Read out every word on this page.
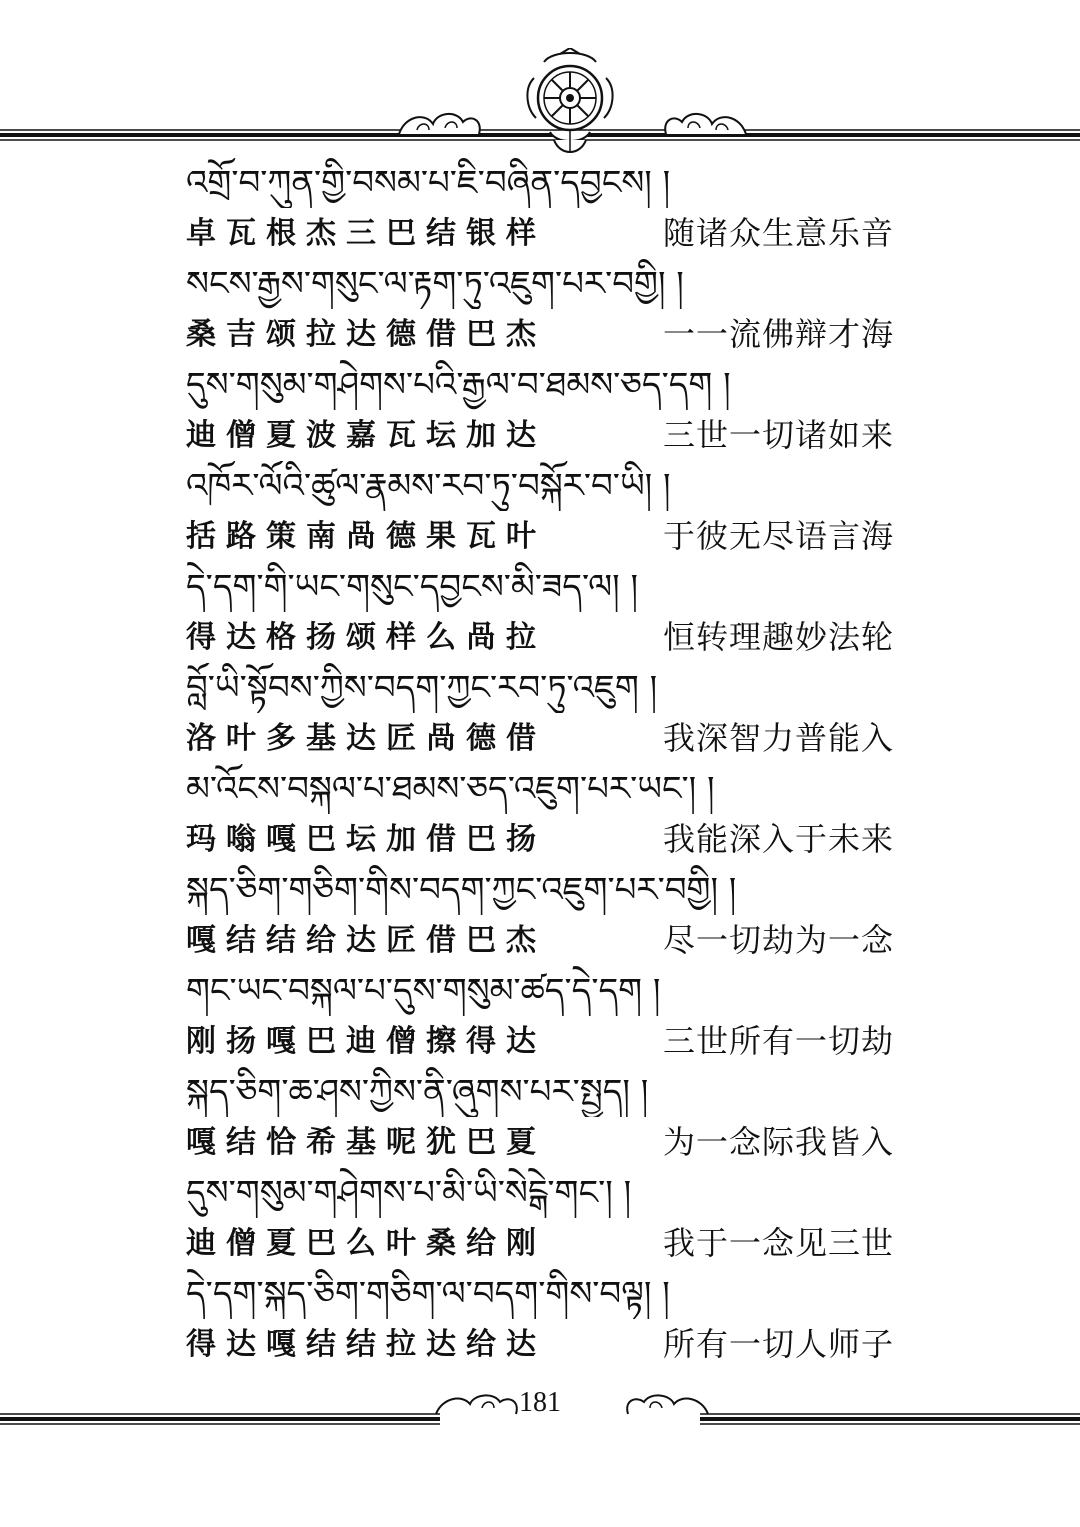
འགྲོ་བ་ཀུན་གྱི་བསམ་པ་ཇི་བཞིན་དབྱངས། །
卓瓦根杰三巴结银样	随诸众生意乐音
སངས་རྒྱས་གསུང་ལ་རྟག་ཏུ་འཇུག་པར་བགྱི། །
桑吉颂拉达德借巴杰	一一流佛辩才海
དུས་གསུམ་གཤེགས་པའི་རྒྱལ་བ་ཐམས་ཅད་དག །
迪僧夏波嘉瓦坛加达	三世一切诸如来
འཁོར་ལོའི་ཚུལ་རྣམས་རབ་ཏུ་བསྐོར་བ་ཡི། །
括路策南咼德果瓦叶	于彼无尽语言海
དེ་དག་གི་ཡང་གསུང་དབྱངས་མི་ཟད་ལ། །
得达格扬颂样么咼拉	恒转理趣妙法轮
བློ་ཡི་སྟོབས་ཀྱིས་བདག་ཀྱང་རབ་ཏུ་འཇུག །
洛叶多基达匠咼德借	我深智力普能入
མ་འོངས་བསྐལ་པ་ཐམས་ཅད་འཇུག་པར་ཡང་། །
玛嗡嘎巴坛加借巴扬	我能深入于未来
སྐད་ཅིག་གཅིག་གིས་བདག་ཀྱང་འཇུག་པར་བགྱི། །
嘎结结给达匠借巴杰	尽一切劫为一念
གང་ཡང་བསྐལ་པ་དུས་གསུམ་ཚད་དེ་དག །
刚扬嘎巴迪僧擦得达	三世所有一切劫
སྐད་ཅིག་ཆ་ཤས་ཀྱིས་ནི་ཞུགས་པར་སྤྱད། །
嘎结恰希基呢犹巴夏	为一念际我皆入
དུས་གསུམ་གཤེགས་པ་མི་ཡི་སེངྒེ་གང་། །
迪僧夏巴么叶桑给刚	我于一念见三世
དེ་དག་སྐད་ཅིག་གཅིག་ལ་བདག་གིས་བལྟ། །
得达嘎结结拉达给达	所有一切人师子
181
